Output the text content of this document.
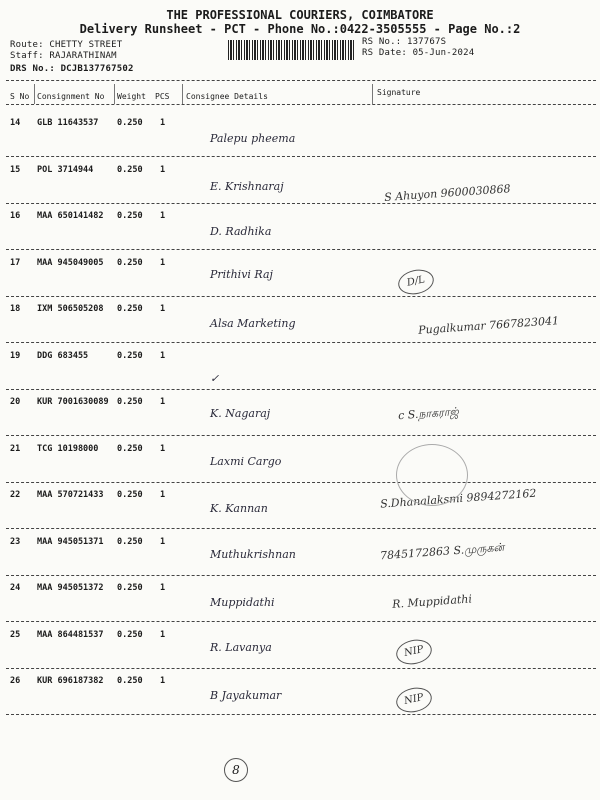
THE PROFESSIONAL COURIERS, COIMBATORE
Delivery Runsheet - PCT - Phone No.:0422-3505555 - Page No.:2
Route: CHETTY STREET
Staff: RAJARATHINAM
DRS No.: DCJB137767502
RS No.: 137767S
RS Date: 05-Jun-2024
S No Consignment No Weight PCS Consignee Details	Signature
14 GLB 11643537 0.250 1
Palepu pheema
15 POL 3714944	0.250 1
E. Krishnaraj	S Ahuyon 9600030868
16 MAA 650141482 0.250 1
D. Radhika
17 MAA 945049005 0.250 1
Prithivi Raj	D/L
18 IXM 506505208 0.250 1
Alsa Marketing	Pugalkumar 7667823041
19 DDG 683455	0.250 1
✓
20 KUR 7001630089 0.250 1
K. Nagaraj	c S.நாகராஜ்
21 TCG 10198000 0.250 1
Laxmi Cargo
22 MAA 570721433 0.250 1
K. Kannan	S.Dhanalaksmi 9894272162
23 MAA 945051371 0.250 1
Muthukrishnan	7845172863 S.முருகன்
24 MAA 945051372 0.250 1
Muppidathi	R. Muppidathi
25 MAA 864481537 0.250 1
R. Lavanya	NIP
26 KUR 696187382 0.250 1
B Jayakumar	NIP
8
